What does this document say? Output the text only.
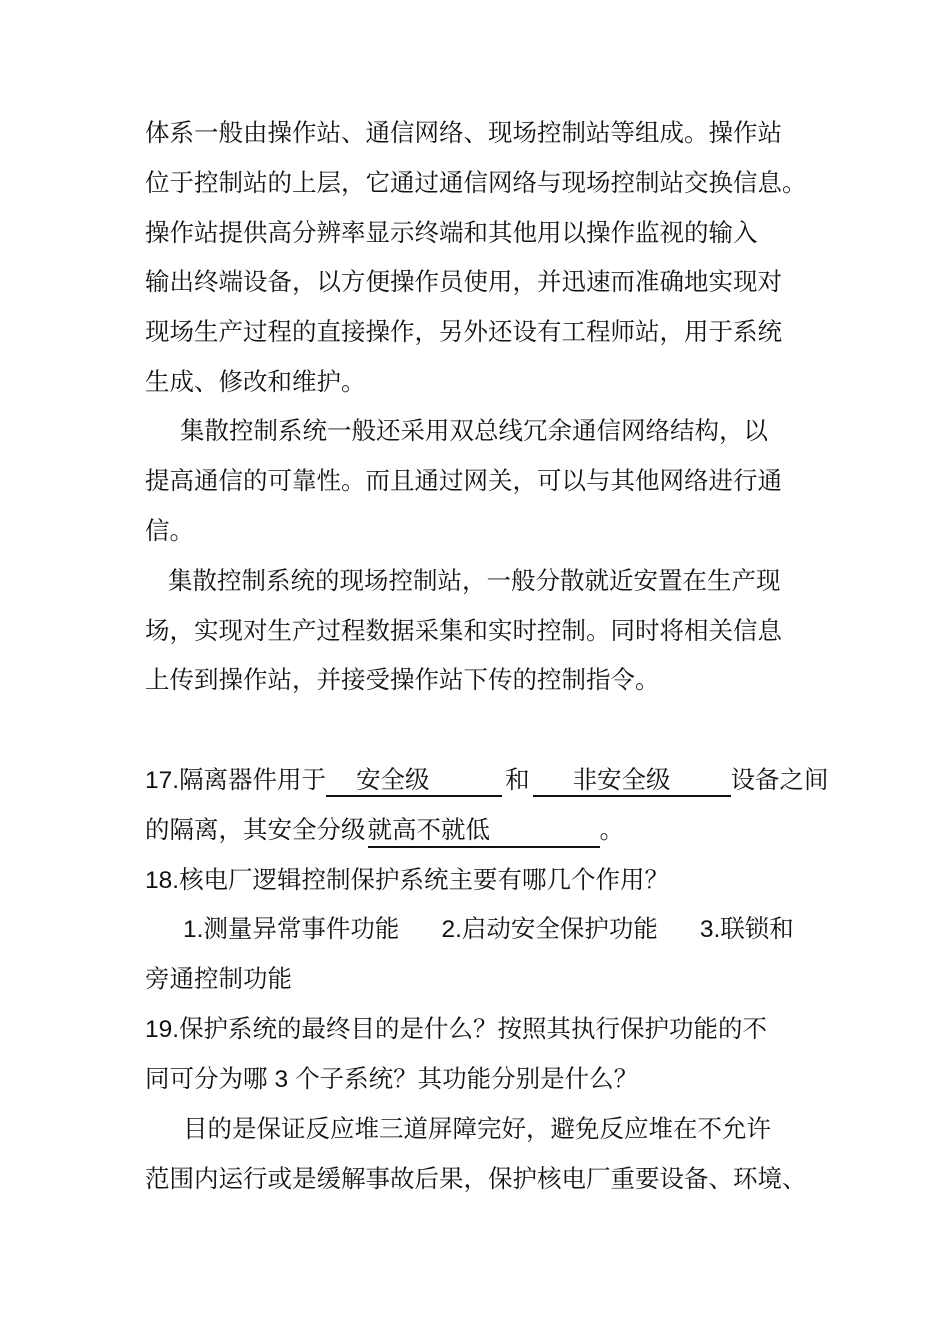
体系一般由操作站、通信网络、现场控制站等组成。操作站
位于控制站的上层，它通过通信网络与现场控制站交换信息。
操作站提供高分辨率显示终端和其他用以操作监视的输入
输出终端设备，以方便操作员使用，并迅速而准确地实现对
现场生产过程的直接操作，另外还设有工程师站，用于系统
生成、修改和维护。
集散控制系统一般还采用双总线冗余通信网络结构，以
提高通信的可靠性。而且通过网关，可以与其他网络进行通
信。
集散控制系统的现场控制站，一般分散就近安置在生产现
场，实现对生产过程数据采集和实时控制。同时将相关信息
上传到操作站，并接受操作站下传的控制指令。
17.隔离器件用于 安全级	和 非安全级 设备之间
的隔离，其安全分级就高不就低	。
18.核电厂逻辑控制保护系统主要有哪几个作用？
1.测量异常事件功能 2.启动安全保护功能 3.联锁和
旁通控制功能
19.保护系统的最终目的是什么？按照其执行保护功能的不
同可分为哪 3 个子系统？其功能分别是什么？
目的是保证反应堆三道屏障完好，避免反应堆在不允许
范围内运行或是缓解事故后果，保护核电厂重要设备、环境、
